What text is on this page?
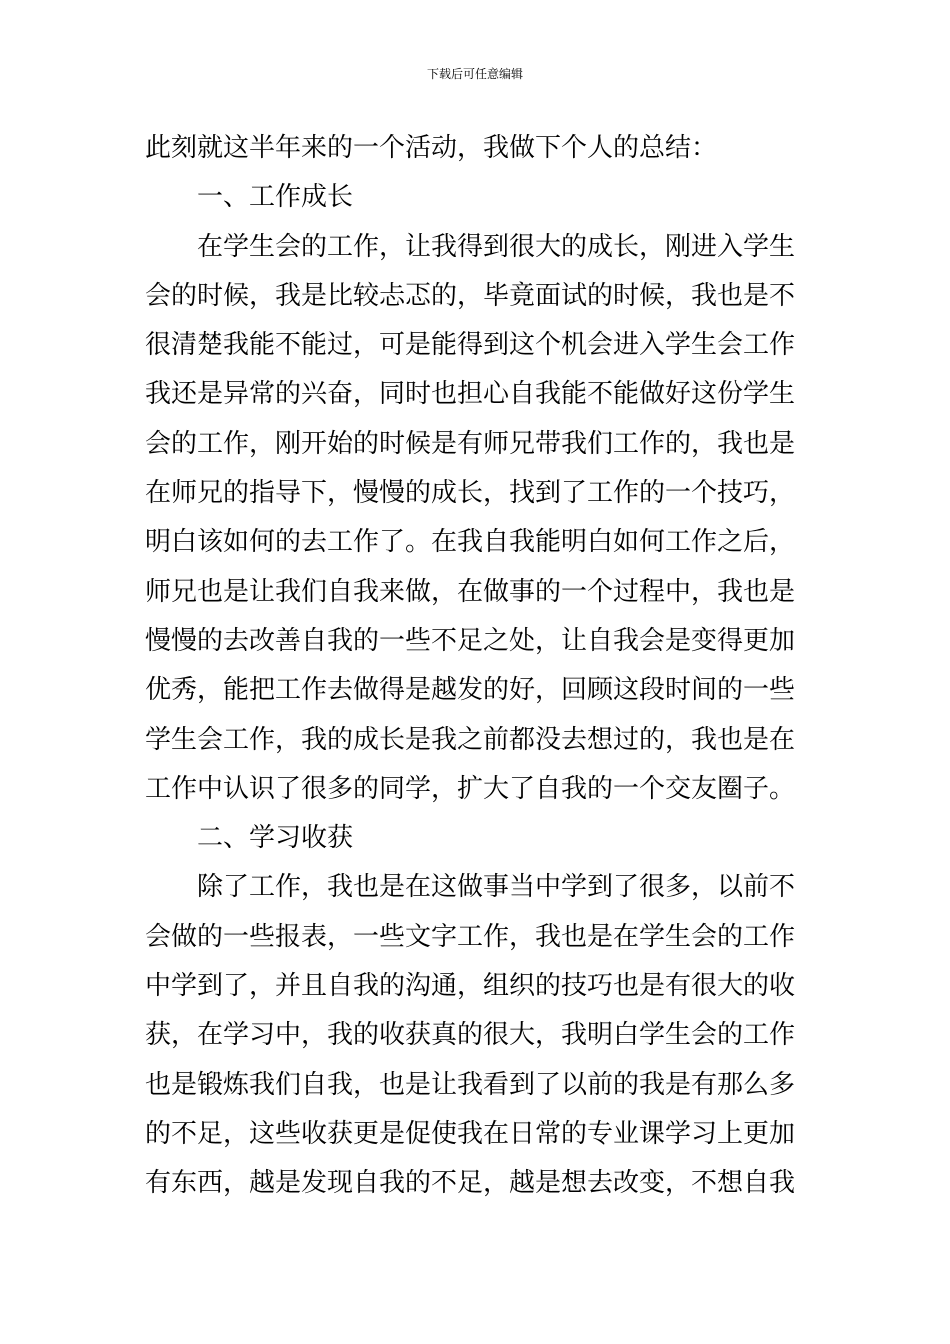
下载后可任意编辑
此刻就这半年来的一个活动，我做下个人的总结：
一、工作成长
在学生会的工作，让我得到很大的成长，刚进入学生
会的时候，我是比较忐忑的，毕竟面试的时候，我也是不
很清楚我能不能过，可是能得到这个机会进入学生会工作
我还是异常的兴奋，同时也担心自我能不能做好这份学生
会的工作，刚开始的时候是有师兄带我们工作的，我也是
在师兄的指导下，慢慢的成长，找到了工作的一个技巧，
明白该如何的去工作了。在我自我能明白如何工作之后，
师兄也是让我们自我来做，在做事的一个过程中，我也是
慢慢的去改善自我的一些不足之处，让自我会是变得更加
优秀，能把工作去做得是越发的好，回顾这段时间的一些
学生会工作，我的成长是我之前都没去想过的，我也是在
工作中认识了很多的同学，扩大了自我的一个交友圈子。
二、学习收获
除了工作，我也是在这做事当中学到了很多，以前不
会做的一些报表，一些文字工作，我也是在学生会的工作
中学到了，并且自我的沟通，组织的技巧也是有很大的收
获，在学习中，我的收获真的很大，我明白学生会的工作
也是锻炼我们自我，也是让我看到了以前的我是有那么多
的不足，这些收获更是促使我在日常的专业课学习上更加
有东西，越是发现自我的不足，越是想去改变，不想自我
